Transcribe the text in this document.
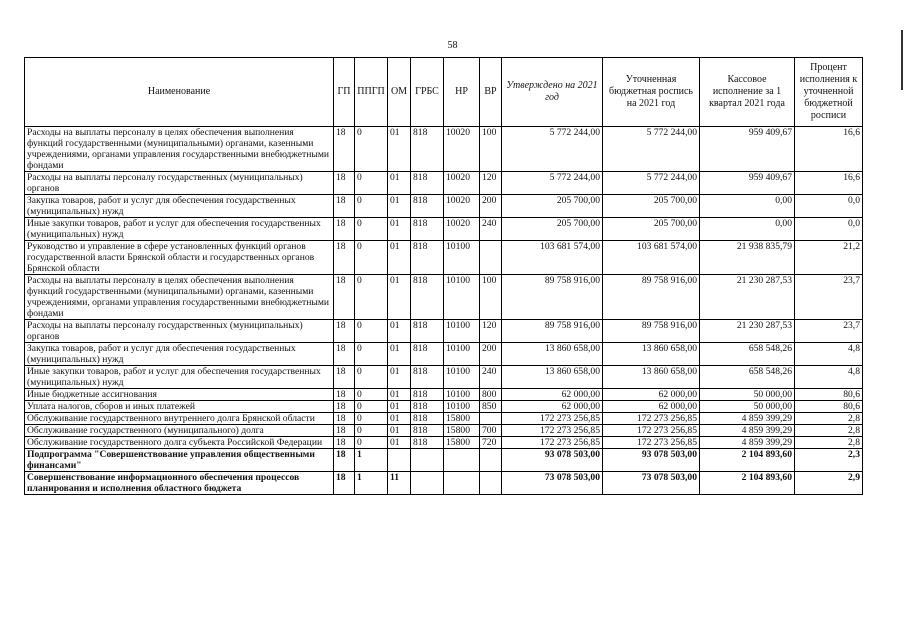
58
Наименование	ГП	ППГП	ОМ	ГРБС	НР	ВР	Утверждено на 2021 год	Уточненная бюджетная роспись на 2021 год	Кассовое исполнение за 1 квартал 2021 года	Процент исполнения к уточненной бюджетной росписи
Расходы на выплаты персоналу в целях обеспечения выполнения функций государственными (муниципальными) органами, казенными учреждениями, органами управления государственными внебюджетными фондами	18	0	01	818	10020	100	5 772 244,00	5 772 244,00	959 409,67	16,6
Расходы на выплаты персоналу государственных (муниципальных) органов	18	0	01	818	10020	120	5 772 244,00	5 772 244,00	959 409,67	16,6
Закупка товаров, работ и услуг для обеспечения государственных (муниципальных) нужд	18	0	01	818	10020	200	205 700,00	205 700,00	0,00	0,0
Иные закупки товаров, работ и услуг для обеспечения государственных (муниципальных) нужд	18	0	01	818	10020	240	205 700,00	205 700,00	0,00	0,0
Руководство и управление в сфере установленных функций органов государственной власти Брянской области и государственных органов Брянской области	18	0	01	818	10100		103 681 574,00	103 681 574,00	21 938 835,79	21,2
Расходы на выплаты персоналу в целях обеспечения выполнения функций государственными (муниципальными) органами, казенными учреждениями, органами управления государственными внебюджетными фондами	18	0	01	818	10100	100	89 758 916,00	89 758 916,00	21 230 287,53	23,7
Расходы на выплаты персоналу государственных (муниципальных) органов	18	0	01	818	10100	120	89 758 916,00	89 758 916,00	21 230 287,53	23,7
Закупка товаров, работ и услуг для обеспечения государственных (муниципальных) нужд	18	0	01	818	10100	200	13 860 658,00	13 860 658,00	658 548,26	4,8
Иные закупки товаров, работ и услуг для обеспечения государственных (муниципальных) нужд	18	0	01	818	10100	240	13 860 658,00	13 860 658,00	658 548,26	4,8
Иные бюджетные ассигнования	18	0	01	818	10100	800	62 000,00	62 000,00	50 000,00	80,6
Уплата налогов, сборов и иных платежей	18	0	01	818	10100	850	62 000,00	62 000,00	50 000,00	80,6
Обслуживание государственного внутреннего долга Брянской области	18	0	01	818	15800		172 273 256,85	172 273 256,85	4 859 399,29	2,8
Обслуживание государственного (муниципального) долга	18	0	01	818	15800	700	172 273 256,85	172 273 256,85	4 859 399,29	2,8
Обслуживание государственного долга субъекта Российской Федерации	18	0	01	818	15800	720	172 273 256,85	172 273 256,85	4 859 399,29	2,8
Подпрограмма "Совершенствование управления общественными финансами"	18	1					93 078 503,00	93 078 503,00	2 104 893,60	2,3
Совершенствование информационного обеспечения процессов планирования и исполнения областного бюджета	18	1	11				73 078 503,00	73 078 503,00	2 104 893,60	2,9
